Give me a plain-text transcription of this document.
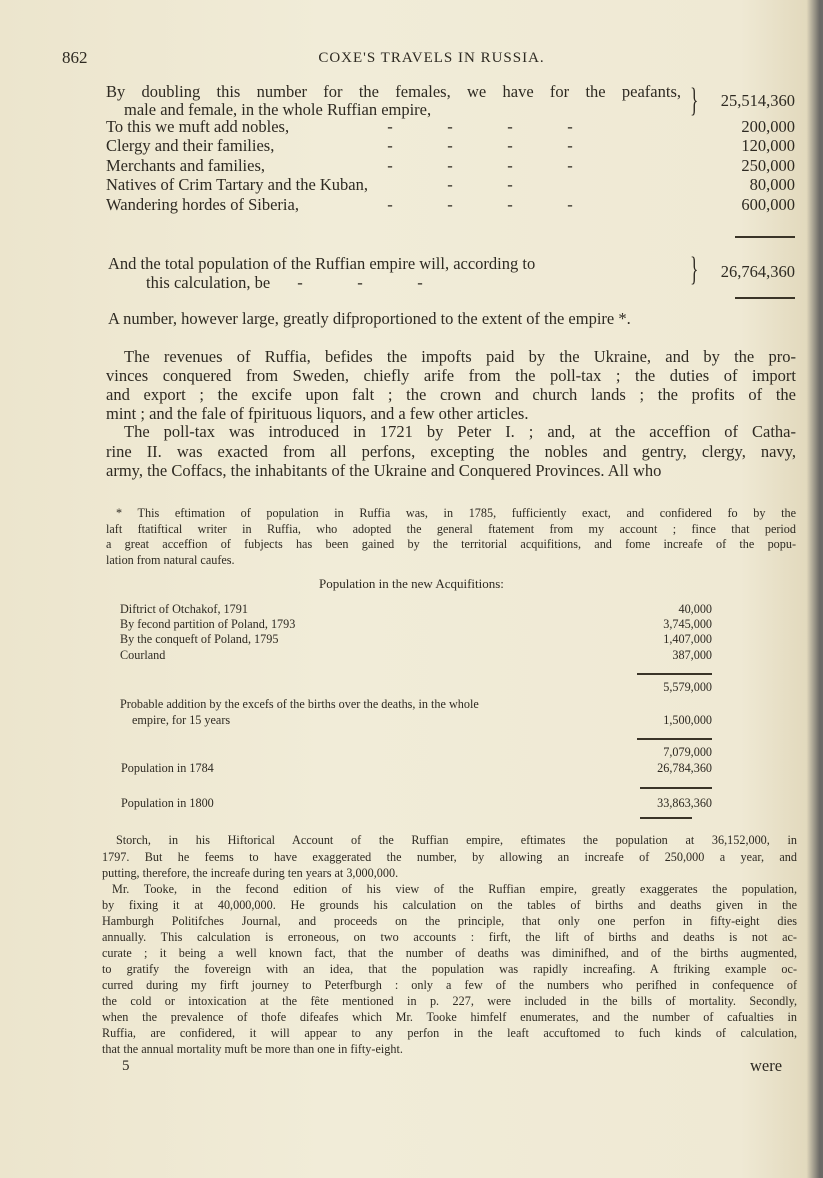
862	COXE'S TRAVELS IN RUSSIA.
By doubling this number for the females, we have for the peafants,
male and female, in the whole Ruffian empire,	}	25,514,360
To this we muft add nobles,	-	-	-	-	200,000
Clergy and their families,	-	-	-	-	120,000
Merchants and families,	-	-	-	-	250,000
Natives of Crim Tartary and the Kuban,	-	-	80,000
Wandering hordes of Siberia,	-	-	-	-	600,000
And the total population of the Ruffian empire will, according to
this calculation, be	-	-	-	}	26,764,360
A number, however large, greatly difproportioned to the extent of the empire *.
The revenues of Ruffia, befides the impofts paid by the Ukraine, and by the pro-
vinces conquered from Sweden, chiefly arife from the poll-tax ; the duties of import
and export ; the excife upon falt ; the crown and church lands ; the profits of the
mint ; and the fale of fpirituous liquors, and a few other articles.
The poll-tax was introduced in 1721 by Peter I. ; and, at the acceffion of Catha-
rine II. was exacted from all perfons, excepting the nobles and gentry, clergy, navy,
army, the Coffacs, the inhabitants of the Ukraine and Conquered Provinces. All who
* This eftimation of population in Ruffia was, in 1785, fufficiently exact, and confidered fo by the
laft ftatiftical writer in Ruffia, who adopted the general ftatement from my account ; fince that period
a great acceffion of fubjects has been gained by the territorial acquifitions, and fome increafe of the popu-
lation from natural caufes.
Population in the new Acquifitions:
Diftrict of Otchakof, 1791	40,000
By fecond partition of Poland, 1793	3,745,000
By the conqueft of Poland, 1795	1,407,000
Courland	387,000
5,579,000
Probable addition by the excefs of the births over the deaths, in the whole
empire, for 15 years	1,500,000
7,079,000
Population in 1784	26,784,360
Population in 1800	33,863,360
Storch, in his Hiftorical Account of the Ruffian empire, eftimates the population at 36,152,000, in
1797. But he feems to have exaggerated the number, by allowing an increafe of 250,000 a year, and
putting, therefore, the increafe during ten years at 3,000,000.
Mr. Tooke, in the fecond edition of his view of the Ruffian empire, greatly exaggerates the population,
by fixing it at 40,000,000. He grounds his calculation on the tables of births and deaths given in the
Hamburgh Politifches Journal, and proceeds on the principle, that only one perfon in fifty-eight dies
annually. This calculation is erroneous, on two accounts : firft, the lift of births and deaths is not ac-
curate ; it being a well known fact, that the number of deaths was diminifhed, and of the births augmented,
to gratify the fovereign with an idea, that the population was rapidly increafing. A ftriking example oc-
curred during my firft journey to Peterfburgh : only a few of the numbers who perifhed in confequence of
the cold or intoxication at the fête mentioned in p. 227, were included in the bills of mortality. Secondly,
when the prevalence of thofe difeafes which Mr. Tooke himfelf enumerates, and the number of cafualties in
Ruffia, are confidered, it will appear to any perfon in the leaft accuftomed to fuch kinds of calculation,
that the annual mortality muft be more than one in fifty-eight.
5	were
